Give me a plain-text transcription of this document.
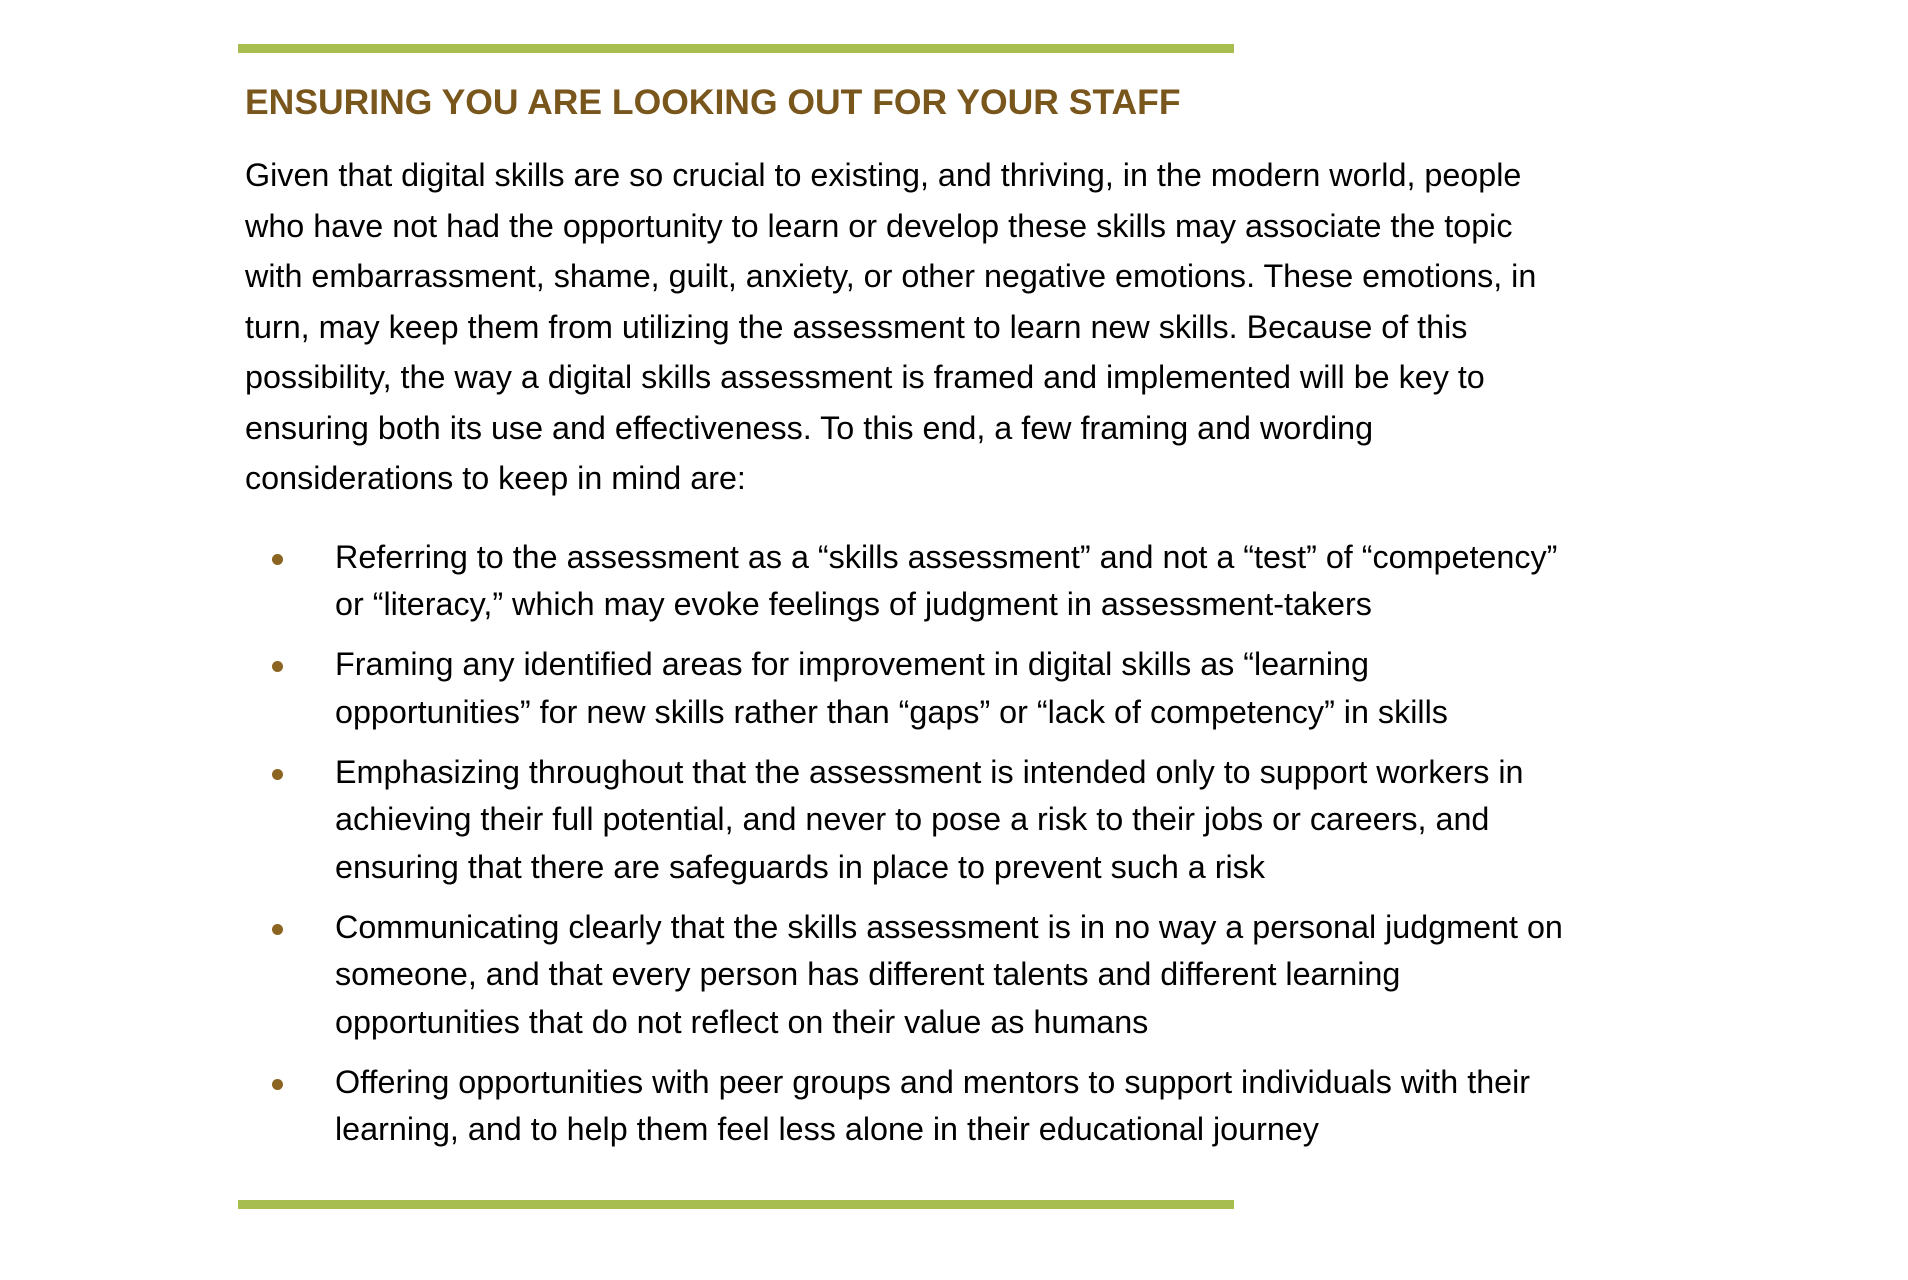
ENSURING YOU ARE LOOKING OUT FOR YOUR STAFF

Given that digital skills are so crucial to existing, and thriving, in the modern world, people
who have not had the opportunity to learn or develop these skills may associate the topic
with embarrassment, shame, guilt, anxiety, or other negative emotions. These emotions, in
turn, may keep them from utilizing the assessment to learn new skills. Because of this
possibility, the way a digital skills assessment is framed and implemented will be key to
ensuring both its use and effectiveness. To this end, a few framing and wording
considerations to keep in mind are:

Referring to the assessment as a “skills assessment” and not a “test” of “competency”
or “literacy,” which may evoke feelings of judgment in assessment-takers
Framing any identified areas for improvement in digital skills as “learning
opportunities” for new skills rather than “gaps” or “lack of competency” in skills
Emphasizing throughout that the assessment is intended only to support workers in
achieving their full potential, and never to pose a risk to their jobs or careers, and
ensuring that there are safeguards in place to prevent such a risk
Communicating clearly that the skills assessment is in no way a personal judgment on
someone, and that every person has different talents and different learning
opportunities that do not reflect on their value as humans
Offering opportunities with peer groups and mentors to support individuals with their
learning, and to help them feel less alone in their educational journey
